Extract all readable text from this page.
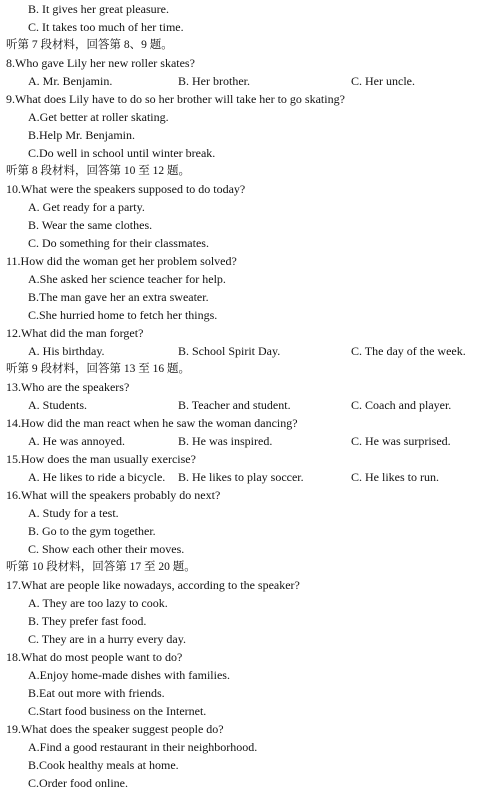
B. It gives her great pleasure.
C. It takes too much of her time.
听第 7 段材料，回答第 8、9 题。
8.Who gave Lily her new roller skates?
A. Mr. Benjamin.	B. Her brother.	C. Her uncle.
9.What does Lily have to do so her brother will take her to go skating?
A.Get better at roller skating.
B.Help Mr. Benjamin.
C.Do well in school until winter break.
听第 8 段材料，回答第 10 至 12 题。
10.What were the speakers supposed to do today?
A. Get ready for a party.
B. Wear the same clothes.
C. Do something for their classmates.
11.How did the woman get her problem solved?
A.She asked her science teacher for help.
B.The man gave her an extra sweater.
C.She hurried home to fetch her things.
12.What did the man forget?
A. His birthday.	B. School Spirit Day.	C. The day of the week.
听第 9 段材料，回答第 13 至 16 题。
13.Who are the speakers?
A. Students.	B. Teacher and student.	C. Coach and player.
14.How did the man react when he saw the woman dancing?
A. He was annoyed.	B. He was inspired.	C. He was surprised.
15.How does the man usually exercise?
A. He likes to ride a bicycle. B. He likes to play soccer.	C. He likes to run.
16.What will the speakers probably do next?
A. Study for a test.
B. Go to the gym together.
C. Show each other their moves.
听第 10 段材料，回答第 17 至 20 题。
17.What are people like nowadays, according to the speaker?
A. They are too lazy to cook.
B. They prefer fast food.
C. They are in a hurry every day.
18.What do most people want to do?
A.Enjoy home-made dishes with families.
B.Eat out more with friends.
C.Start food business on the Internet.
19.What does the speaker suggest people do?
A.Find a good restaurant in their neighborhood.
B.Cook healthy meals at home.
C.Order food online.
